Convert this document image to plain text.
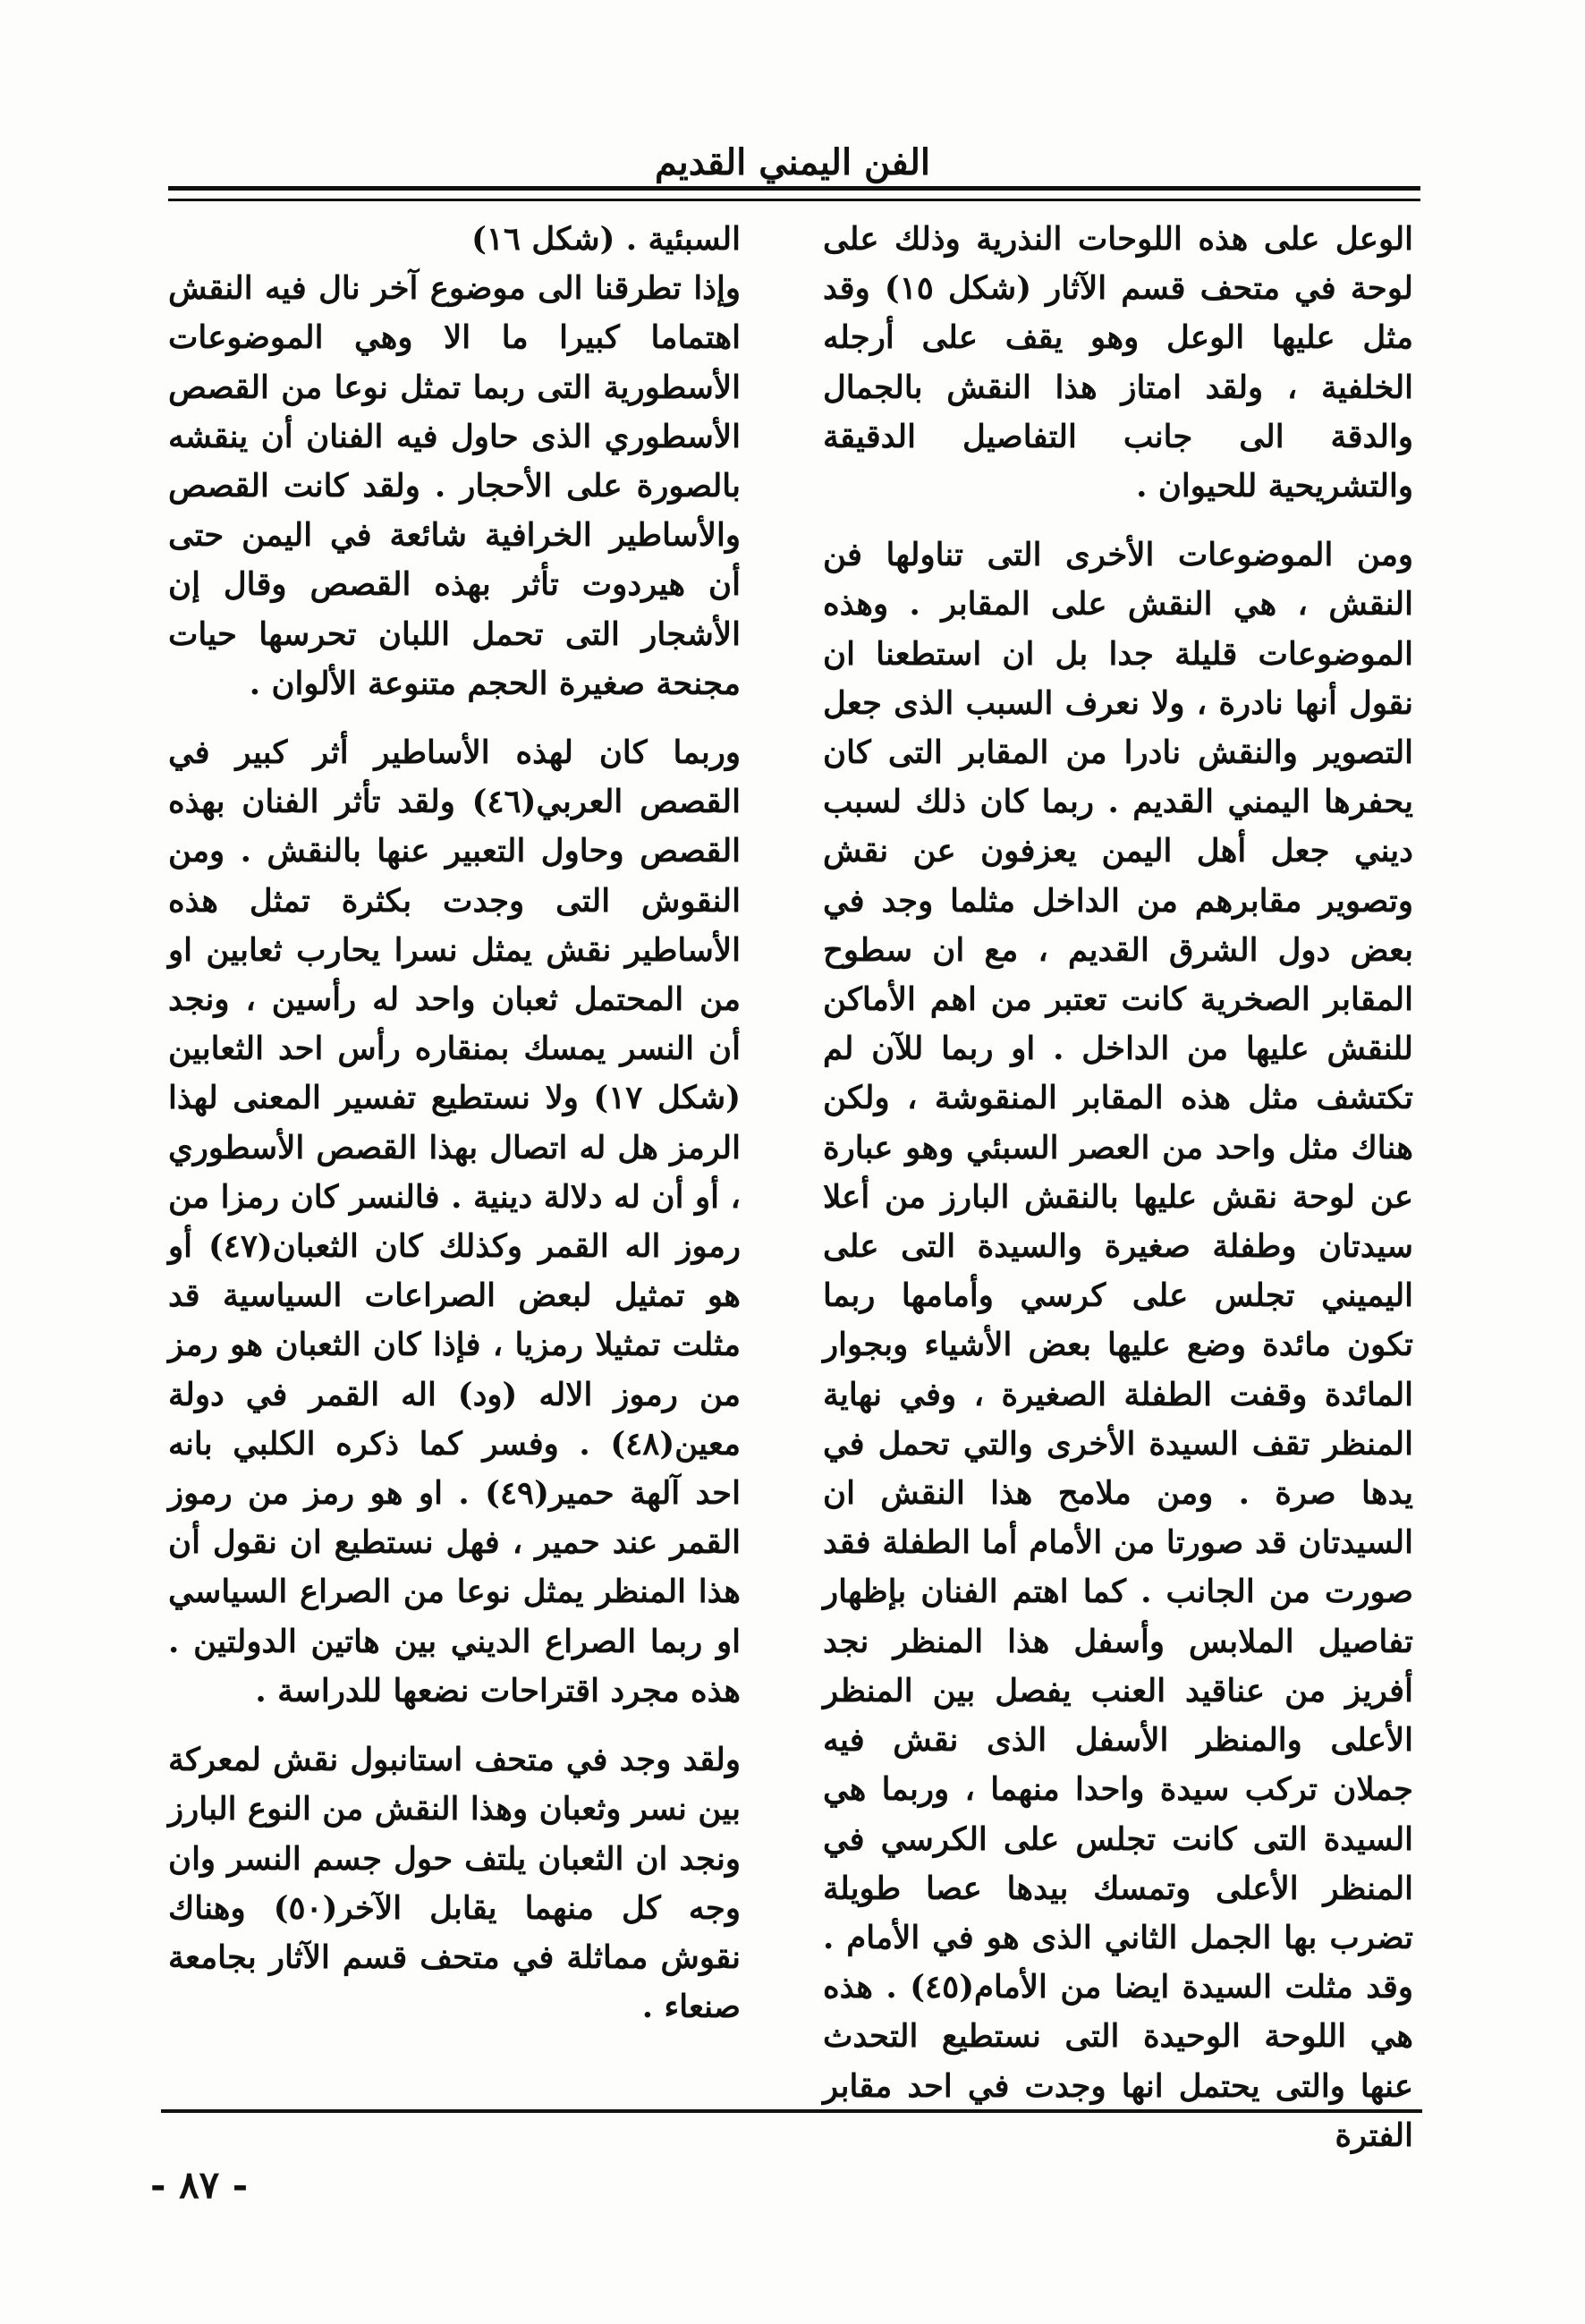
الفن اليمني القديم

الوعل على هذه اللوحات النذرية وذلك على لوحة في متحف قسم الآثار (شكل ١٥) وقد مثل عليها الوعل وهو يقف على أرجله الخلفية ، ولقد امتاز هذا النقش بالجمال والدقة الى جانب التفاصيل الدقيقة والتشريحية للحيوان .

ومن الموضوعات الأخرى التى تناولها فن النقش ، هي النقش على المقابر . وهذه الموضوعات قليلة جدا بل ان استطعنا ان نقول أنها نادرة ، ولا نعرف السبب الذى جعل التصوير والنقش نادرا من المقابر التى كان يحفرها اليمني القديم . ربما كان ذلك لسبب ديني جعل أهل اليمن يعزفون عن نقش وتصوير مقابرهم من الداخل مثلما وجد في بعض دول الشرق القديم ، مع ان سطوح المقابر الصخرية كانت تعتبر من اهم الأماكن للنقش عليها من الداخل . او ربما للآن لم تكتشف مثل هذه المقابر المنقوشة ، ولكن هناك مثل واحد من العصر السبئي وهو عبارة عن لوحة نقش عليها بالنقش البارز من أعلا سيدتان وطفلة صغيرة والسيدة التى على اليميني تجلس على كرسي وأمامها ربما تكون مائدة وضع عليها بعض الأشياء وبجوار المائدة وقفت الطفلة الصغيرة ، وفي نهاية المنظر تقف السيدة الأخرى والتي تحمل في يدها صرة . ومن ملامح هذا النقش ان السيدتان قد صورتا من الأمام أما الطفلة فقد صورت من الجانب . كما اهتم الفنان بإظهار تفاصيل الملابس وأسفل هذا المنظر نجد أفريز من عناقيد العنب يفصل بين المنظر الأعلى والمنظر الأسفل الذى نقش فيه جملان تركب سيدة واحدا منهما ، وربما هي السيدة التى كانت تجلس على الكرسي في المنظر الأعلى وتمسك بيدها عصا طويلة تضرب بها الجمل الثاني الذى هو في الأمام . وقد مثلت السيدة ايضا من الأمام(٤٥) . هذه هي اللوحة الوحيدة التى نستطيع التحدث عنها والتى يحتمل انها وجدت في احد مقابر الفترة

السبئية . (شكل ١٦)

وإذا تطرقنا الى موضوع آخر نال فيه النقش اهتماما كبيرا ما الا وهي الموضوعات الأسطورية التى ربما تمثل نوعا من القصص الأسطوري الذى حاول فيه الفنان أن ينقشه بالصورة على الأحجار . ولقد كانت القصص والأساطير الخرافية شائعة في اليمن حتى أن هيردوت تأثر بهذه القصص وقال إن الأشجار التى تحمل اللبان تحرسها حيات مجنحة صغيرة الحجم متنوعة الألوان .

وربما كان لهذه الأساطير أثر كبير في القصص العربي(٤٦) ولقد تأثر الفنان بهذه القصص وحاول التعبير عنها بالنقش . ومن النقوش التى وجدت بكثرة تمثل هذه الأساطير نقش يمثل نسرا يحارب ثعابين او من المحتمل ثعبان واحد له رأسين ، ونجد أن النسر يمسك بمنقاره رأس احد الثعابين (شكل ١٧) ولا نستطيع تفسير المعنى لهذا الرمز هل له اتصال بهذا القصص الأسطوري ، أو أن له دلالة دينية . فالنسر كان رمزا من رموز اله القمر وكذلك كان الثعبان(٤٧) أو هو تمثيل لبعض الصراعات السياسية قد مثلت تمثيلا رمزيا ، فإذا كان الثعبان هو رمز من رموز الاله (ود) اله القمر في دولة معين(٤٨) . وفسر كما ذكره الكلبي بانه احد آلهة حمير(٤٩) . او هو رمز من رموز القمر عند حمير ، فهل نستطيع ان نقول أن هذا المنظر يمثل نوعا من الصراع السياسي او ربما الصراع الديني بين هاتين الدولتين . هذه مجرد اقتراحات نضعها للدراسة .

ولقد وجد في متحف استانبول نقش لمعركة بين نسر وثعبان وهذا النقش من النوع البارز ونجد ان الثعبان يلتف حول جسم النسر وان وجه كل منهما يقابل الآخر(٥٠) وهناك نقوش مماثلة في متحف قسم الآثار بجامعة صنعاء .

- ٨٧ -
